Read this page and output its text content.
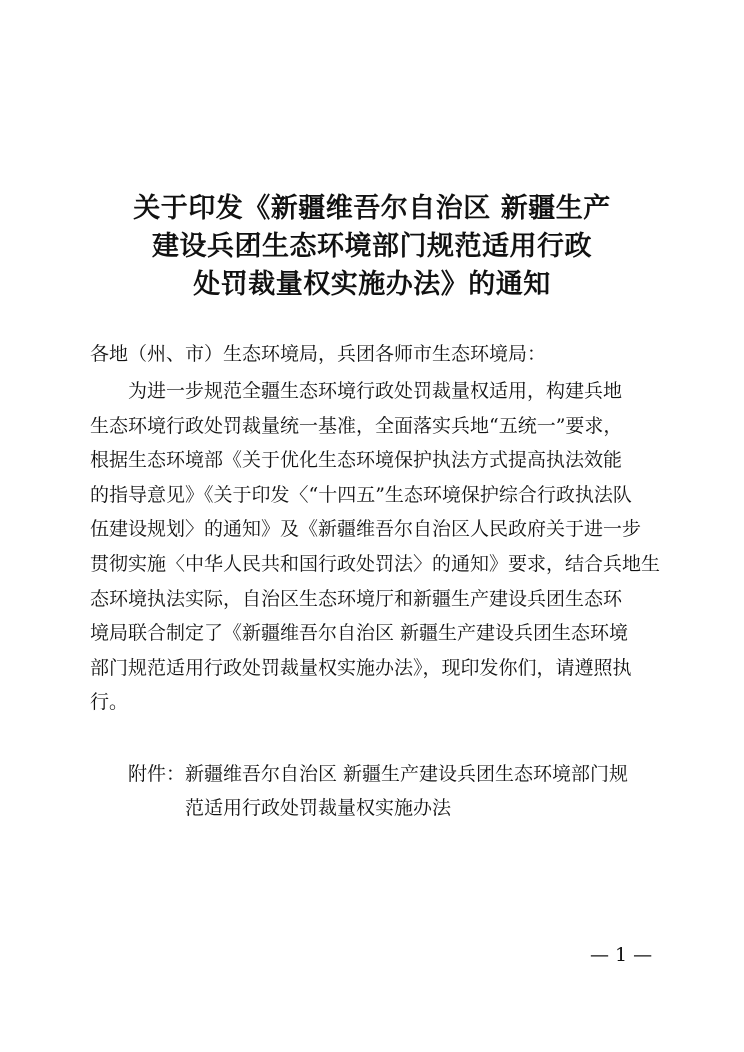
关于印发《新疆维吾尔自治区 新疆生产
建设兵团生态环境部门规范适用行政
处罚裁量权实施办法》的通知
各地（州、市）生态环境局，兵团各师市生态环境局：
为进一步规范全疆生态环境行政处罚裁量权适用，构建兵地
生态环境行政处罚裁量统一基准，全面落实兵地“五统一”要求，
根据生态环境部《关于优化生态环境保护执法方式提高执法效能
的指导意见》《关于印发〈“十四五”生态环境保护综合行政执法队
伍建设规划〉的通知》及《新疆维吾尔自治区人民政府关于进一步
贯彻实施〈中华人民共和国行政处罚法〉的通知》要求，结合兵地生
态环境执法实际，自治区生态环境厅和新疆生产建设兵团生态环
境局联合制定了《新疆维吾尔自治区 新疆生产建设兵团生态环境
部门规范适用行政处罚裁量权实施办法》，现印发你们，请遵照执
行。
附件：新疆维吾尔自治区 新疆生产建设兵团生态环境部门规
范适用行政处罚裁量权实施办法
— 1 —
